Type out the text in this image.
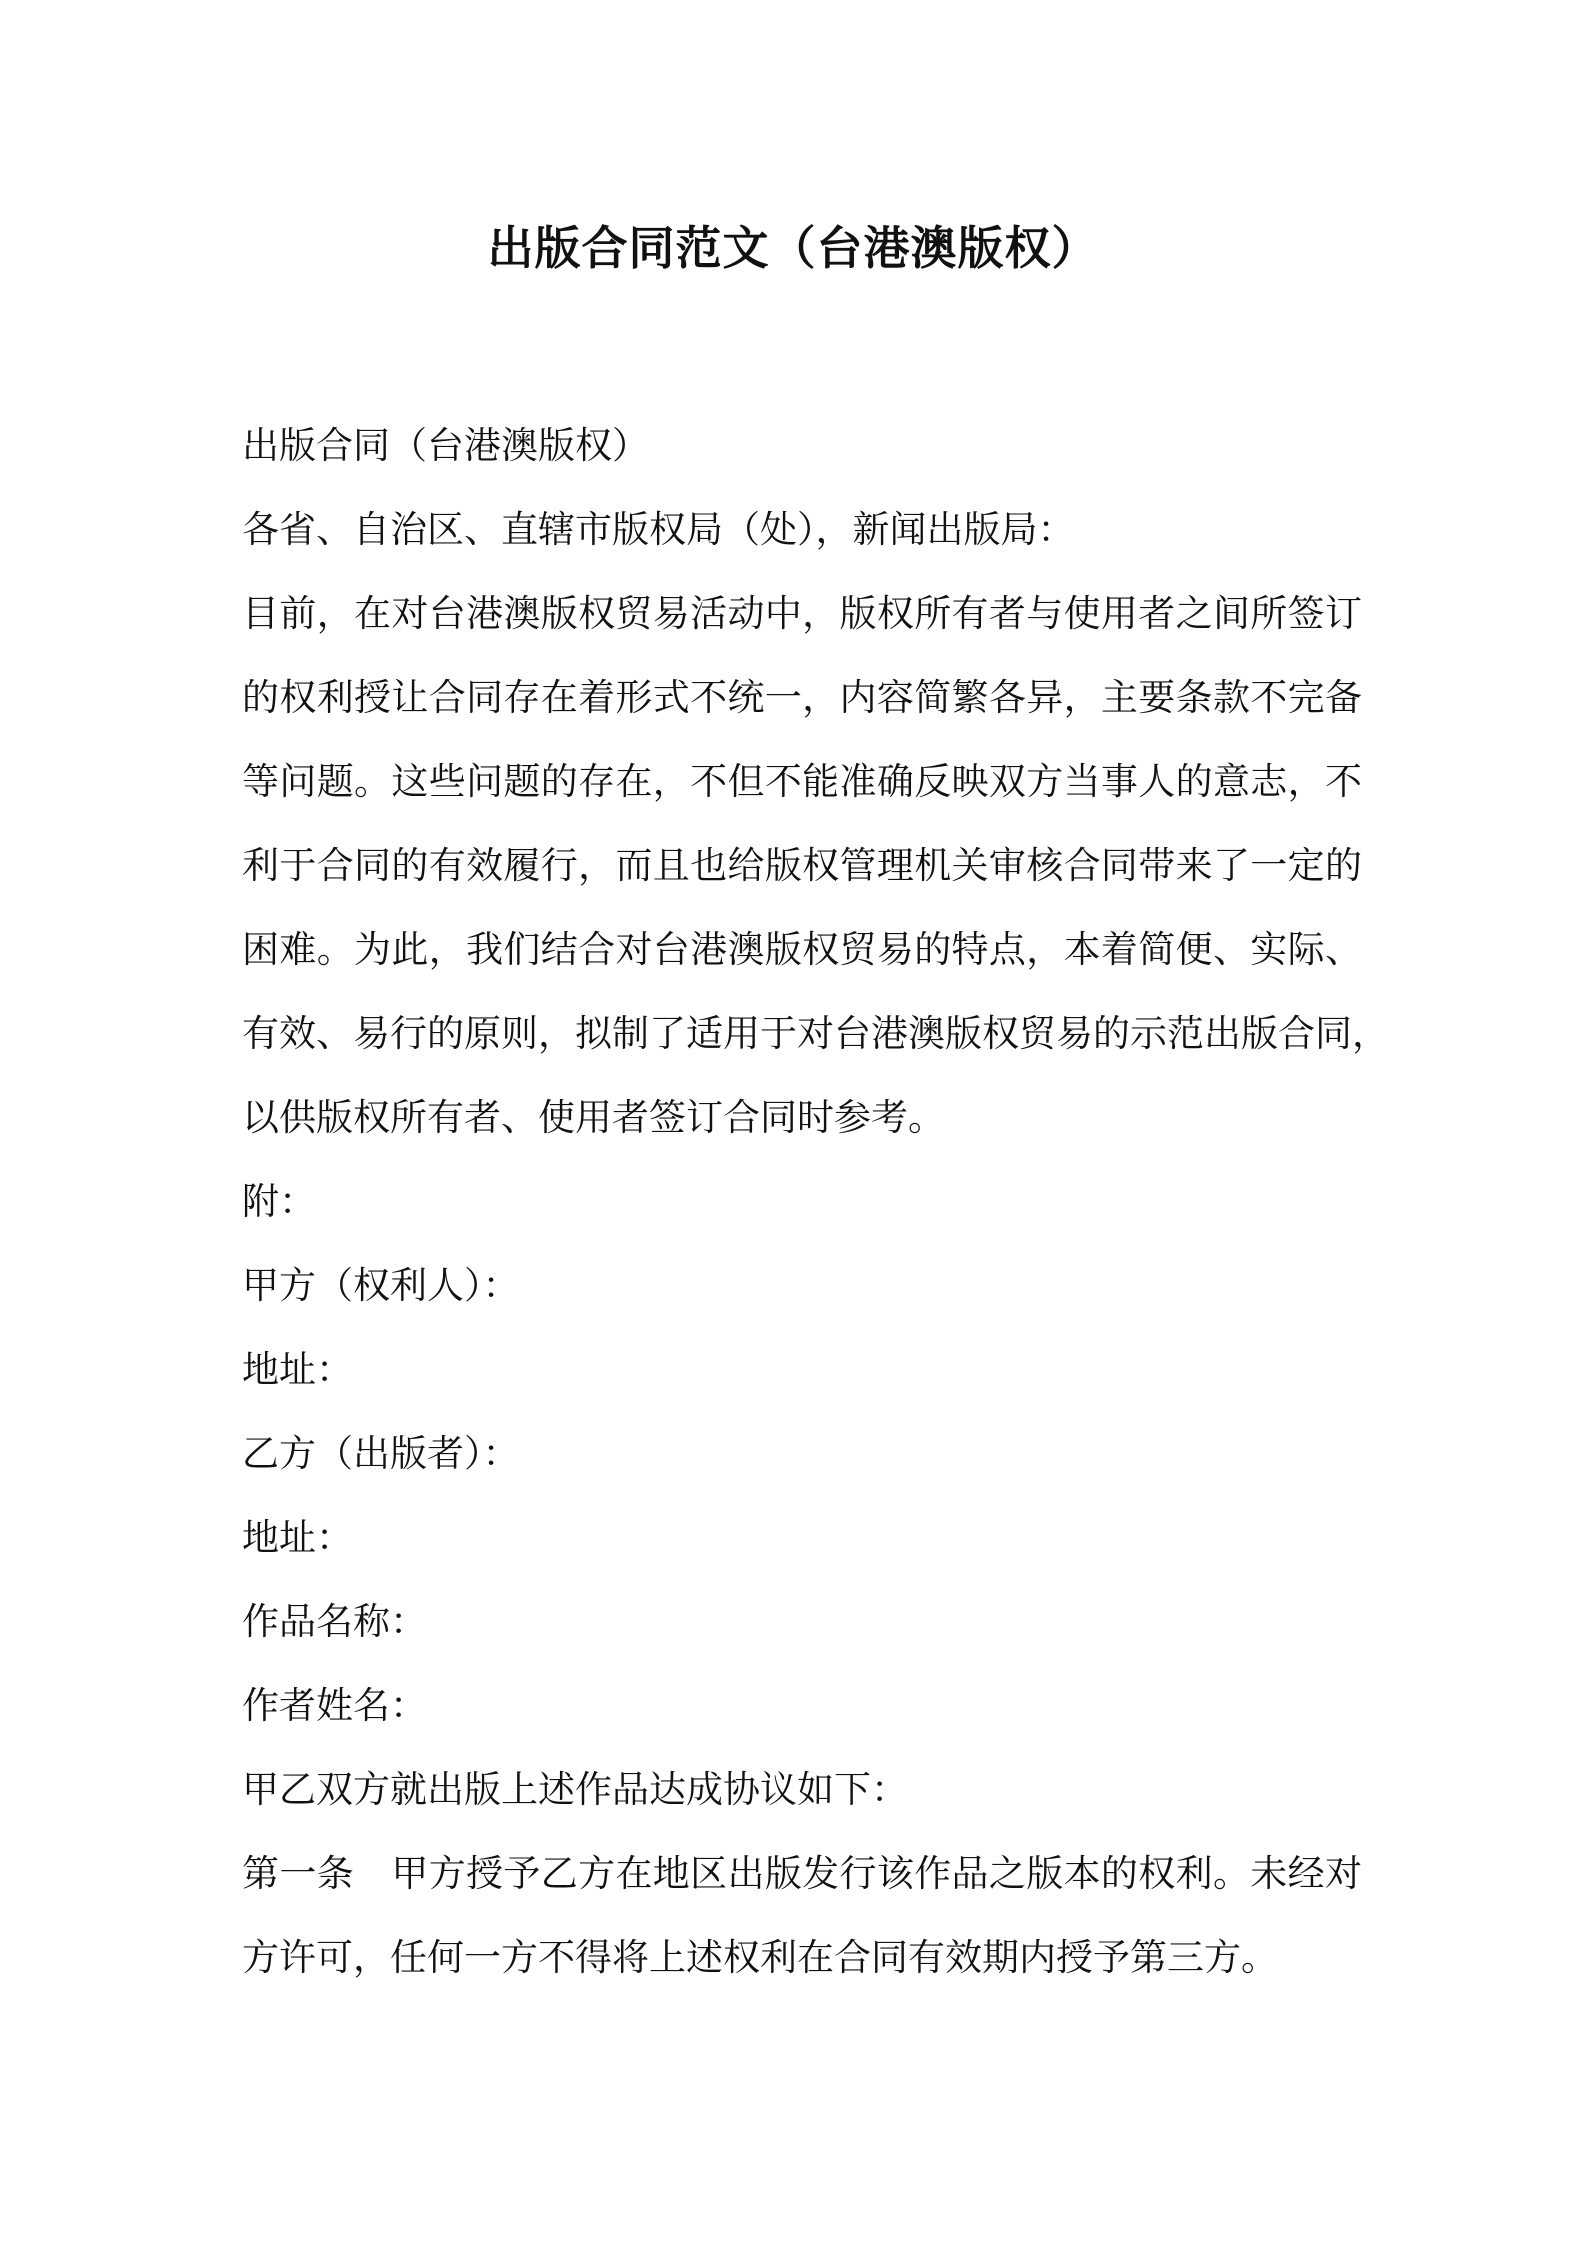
出版合同范文（台港澳版权）
出版合同（台港澳版权）
各省、自治区、直辖市版权局（处），新闻出版局：
目前，在对台港澳版权贸易活动中，版权所有者与使用者之间所签订
的权利授让合同存在着形式不统一，内容简繁各异，主要条款不完备
等问题。这些问题的存在，不但不能准确反映双方当事人的意志，不
利于合同的有效履行，而且也给版权管理机关审核合同带来了一定的
困难。为此，我们结合对台港澳版权贸易的特点，本着简便、实际、
有效、易行的原则，拟制了适用于对台港澳版权贸易的示范出版合同，
以供版权所有者、使用者签订合同时参考。
附：
甲方（权利人）：
地址：
乙方（出版者）：
地址：
作品名称：
作者姓名：
甲乙双方就出版上述作品达成协议如下：
第一条　甲方授予乙方在地区出版发行该作品之版本的权利。未经对
方许可，任何一方不得将上述权利在合同有效期内授予第三方。
